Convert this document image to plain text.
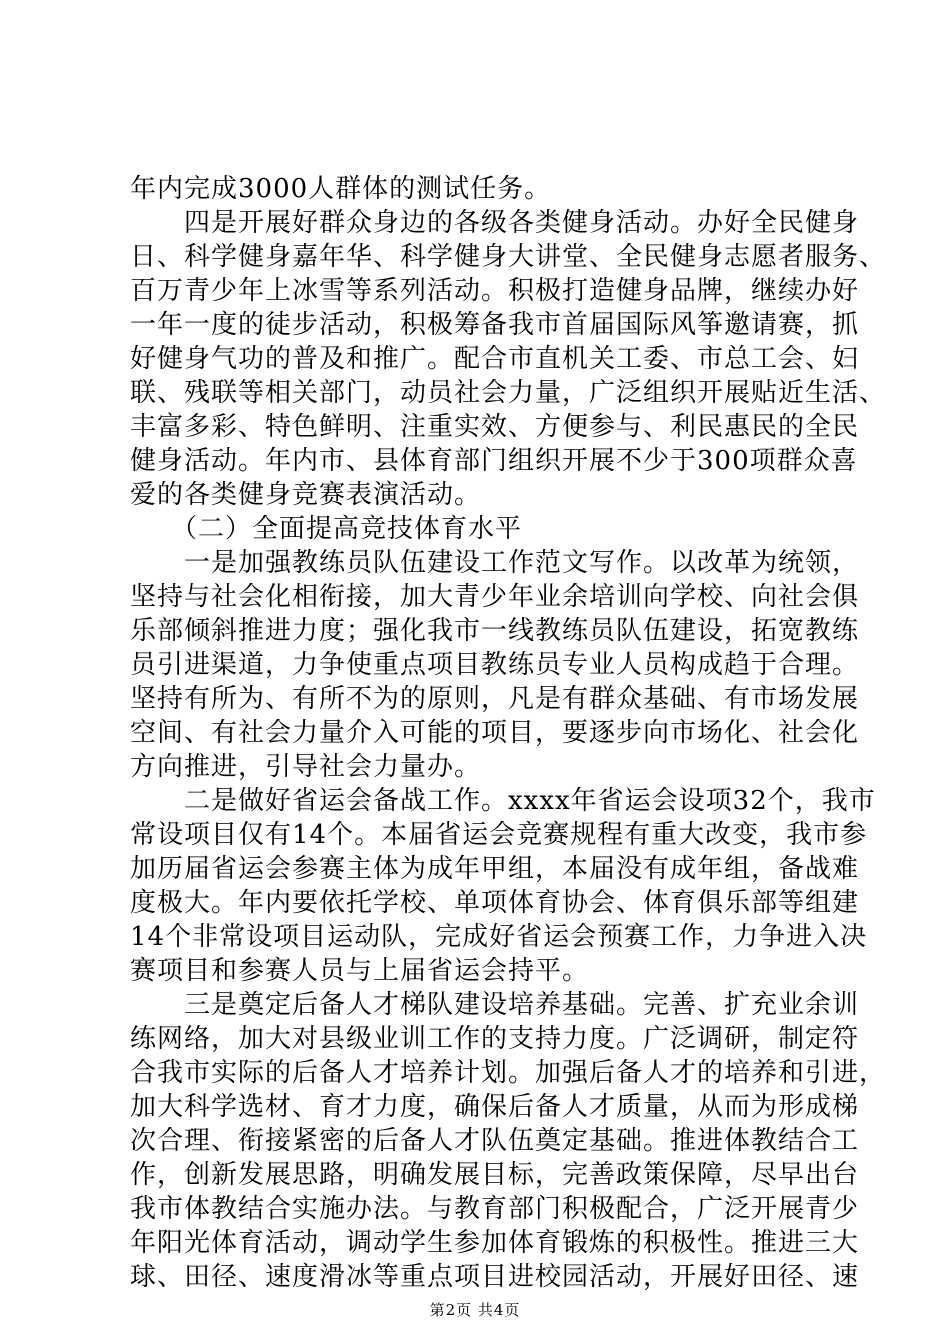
年内完成3000人群体的测试任务。
　　四是开展好群众身边的各级各类健身活动。办好全民健身
日、科学健身嘉年华、科学健身大讲堂、全民健身志愿者服务、
百万青少年上冰雪等系列活动。积极打造健身品牌，继续办好
一年一度的徒步活动，积极筹备我市首届国际风筝邀请赛，抓
好健身气功的普及和推广。配合市直机关工委、市总工会、妇
联、残联等相关部门，动员社会力量，广泛组织开展贴近生活、
丰富多彩、特色鲜明、注重实效、方便参与、利民惠民的全民
健身活动。年内市、县体育部门组织开展不少于300项群众喜
爱的各类健身竞赛表演活动。
　　（二）全面提高竞技体育水平
　　一是加强教练员队伍建设工作范文写作。以改革为统领，
坚持与社会化相衔接，加大青少年业余培训向学校、向社会俱
乐部倾斜推进力度；强化我市一线教练员队伍建设，拓宽教练
员引进渠道，力争使重点项目教练员专业人员构成趋于合理。
坚持有所为、有所不为的原则，凡是有群众基础、有市场发展
空间、有社会力量介入可能的项目，要逐步向市场化、社会化
方向推进，引导社会力量办。
　　二是做好省运会备战工作。xxxx年省运会设项32个，我市
常设项目仅有14个。本届省运会竞赛规程有重大改变，我市参
加历届省运会参赛主体为成年甲组，本届没有成年组，备战难
度极大。年内要依托学校、单项体育协会、体育俱乐部等组建
14个非常设项目运动队，完成好省运会预赛工作，力争进入决
赛项目和参赛人员与上届省运会持平。
　　三是奠定后备人才梯队建设培养基础。完善、扩充业余训
练网络，加大对县级业训工作的支持力度。广泛调研，制定符
合我市实际的后备人才培养计划。加强后备人才的培养和引进，
加大科学选材、育才力度，确保后备人才质量，从而为形成梯
次合理、衔接紧密的后备人才队伍奠定基础。推进体教结合工
作，创新发展思路，明确发展目标，完善政策保障，尽早出台
我市体教结合实施办法。与教育部门积极配合，广泛开展青少
年阳光体育活动，调动学生参加体育锻炼的积极性。推进三大
球、田径、速度滑冰等重点项目进校园活动，开展好田径、速
第2页 共4页
